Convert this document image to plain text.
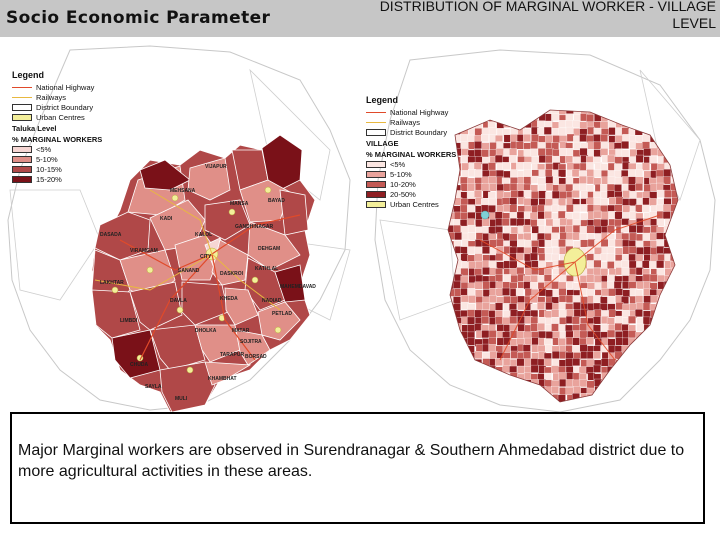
Socio Economic Parameter
DISTRIBUTION OF MARGINAL WORKER - VILLAGE LEVEL
VIJAPUR
MEHSANA
MANSA
GANDHINAGAR
BAYAD
DEHGAM
DASADA
VIRAMGAM
KADI
KALOL
SANAND
CITY
DASKROI
KATHLAL
LAKHTAR
DAVLA	KHEDA	NADIAD
LIMBDI
DHOLKA	MATAR
SOJITRA
PETLAD
TARAPUR BORSAD
CHUDA
KHAMBHAT
SAYLA
MULI
MAHEMDAVAD
Legend
National Highway
Railways
District Boundary
Urban Centres
Taluka Level
% MARGINAL WORKERS
<5%
5-10%
10-15%
15-20%
Legend
National Highway
Railways
District Boundary
VILLAGE
% MARGINAL WORKERS
<5%
5-10%
10-20%
20-50%
Urban Centres
Major Marginal workers are observed in Surendranagar & Southern Ahmedabad district due to more agricultural activities in these areas.
